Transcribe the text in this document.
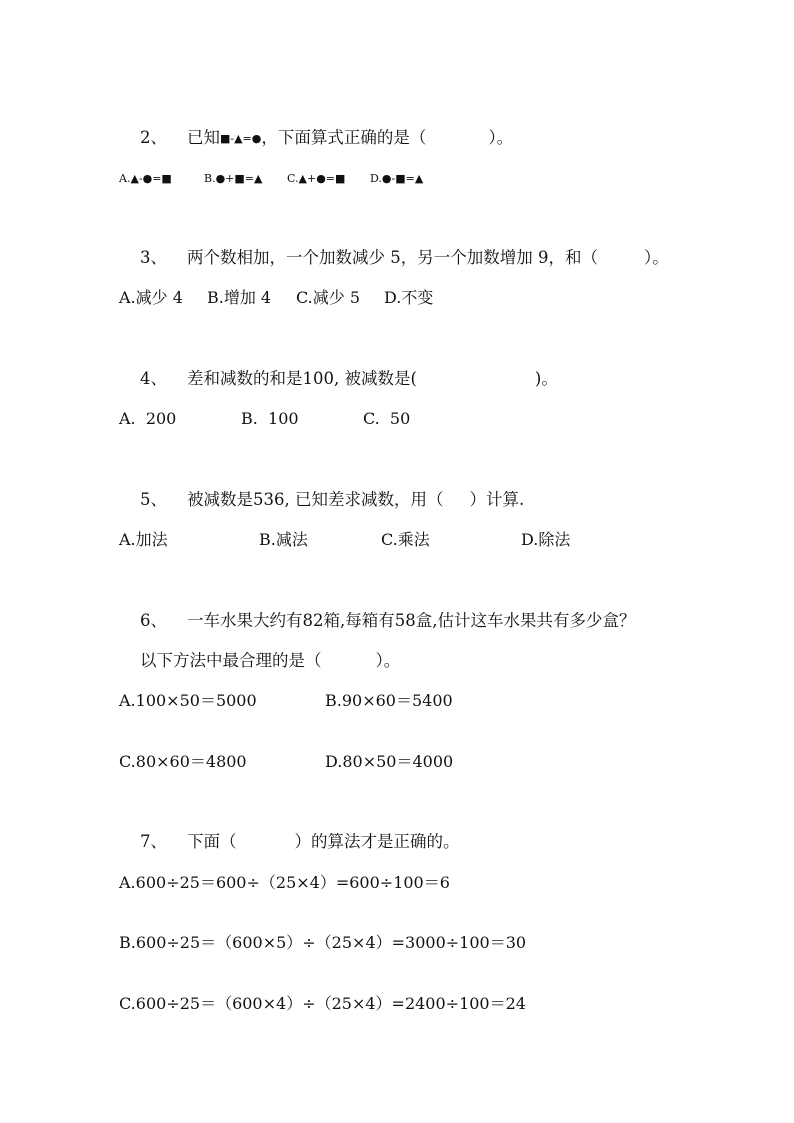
2、 已知■-▲=●，下面算式正确的是（	）。

A.▲-●=■	B.●+■=▲ C.▲+●=■ D.●-■=▲

3、 两个数相加，一个加数减少 5，另一个加数增加 9，和（	）。

A.减少 4 B.增加 4 C.减少 5 D.不变

4、 差和减数的和是100, 被减数是(	)。

A.  200	B.  100	C.  50

5、 被减数是536, 已知差求减数，用（ ）计算.

A.加法	B.减法	C.乘法	D.除法

6、 一车水果大约有82箱,每箱有58盒,估计这车水果共有多少盒？

以下方法中最合理的是（	）。

A.100×50＝5000	B.90×60＝5400
C.80×60＝4800	D.80×50＝4000

7、 下面（	）的算法才是正确的。

A.600÷25＝600÷（25×4）=600÷100＝6
B.600÷25＝（600×5）÷（25×4）=3000÷100＝30
C.600÷25＝（600×4）÷（25×4）=2400÷100＝24
